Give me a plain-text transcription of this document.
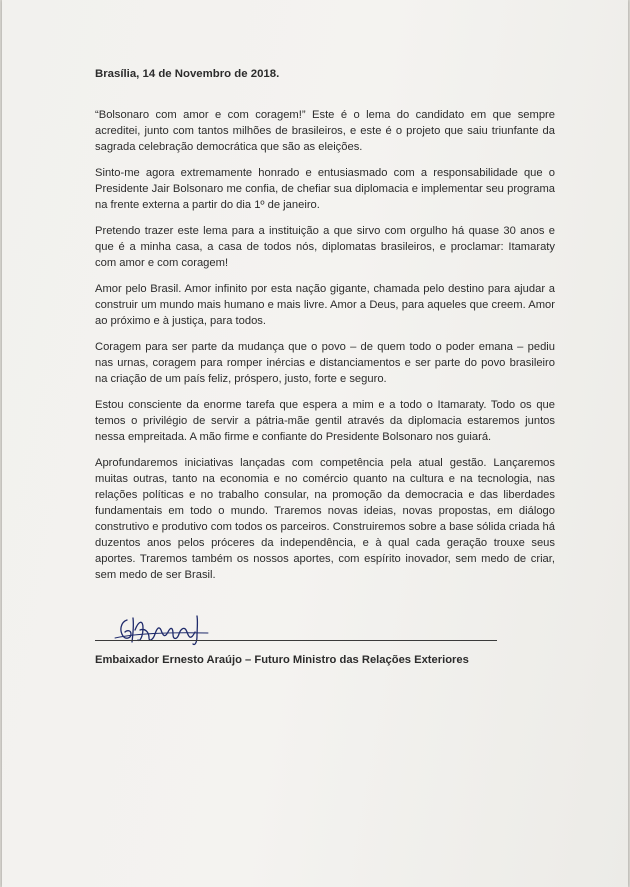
Brasília, 14 de Novembro de 2018.

“Bolsonaro com amor e com coragem!” Este é o lema do candidato em que sempre acreditei, junto com tantos milhões de brasileiros, e este é o projeto que saiu triunfante da sagrada celebração democrática que são as eleições.

Sinto-me agora extremamente honrado e entusiasmado com a responsabilidade que o Presidente Jair Bolsonaro me confia, de chefiar sua diplomacia e implementar seu programa na frente externa a partir do dia 1º de janeiro.

Pretendo trazer este lema para a instituição a que sirvo com orgulho há quase 30 anos e que é a minha casa, a casa de todos nós, diplomatas brasileiros, e proclamar: Itamaraty com amor e com coragem!

Amor pelo Brasil. Amor infinito por esta nação gigante, chamada pelo destino para ajudar a construir um mundo mais humano e mais livre. Amor a Deus, para aqueles que creem. Amor ao próximo e à justiça, para todos.

Coragem para ser parte da mudança que o povo – de quem todo o poder emana – pediu nas urnas, coragem para romper inércias e distanciamentos e ser parte do povo brasileiro na criação de um país feliz, próspero, justo, forte e seguro.

Estou consciente da enorme tarefa que espera a mim e a todo o Itamaraty. Todo os que temos o privilégio de servir a pátria-mãe gentil através da diplomacia estaremos juntos nessa empreitada. A mão firme e confiante do Presidente Bolsonaro nos guiará.

Aprofundaremos iniciativas lançadas com competência pela atual gestão. Lançaremos muitas outras, tanto na economia e no comércio quanto na cultura e na tecnologia, nas relações políticas e no trabalho consular, na promoção da democracia e das liberdades fundamentais em todo o mundo. Traremos novas ideias, novas propostas, em diálogo construtivo e produtivo com todos os parceiros. Construiremos sobre a base sólida criada há duzentos anos pelos próceres da independência, e à qual cada geração trouxe seus aportes. Traremos também os nossos aportes, com espírito inovador, sem medo de criar, sem medo de ser Brasil.

Embaixador Ernesto Araújo – Futuro Ministro das Relações Exteriores
